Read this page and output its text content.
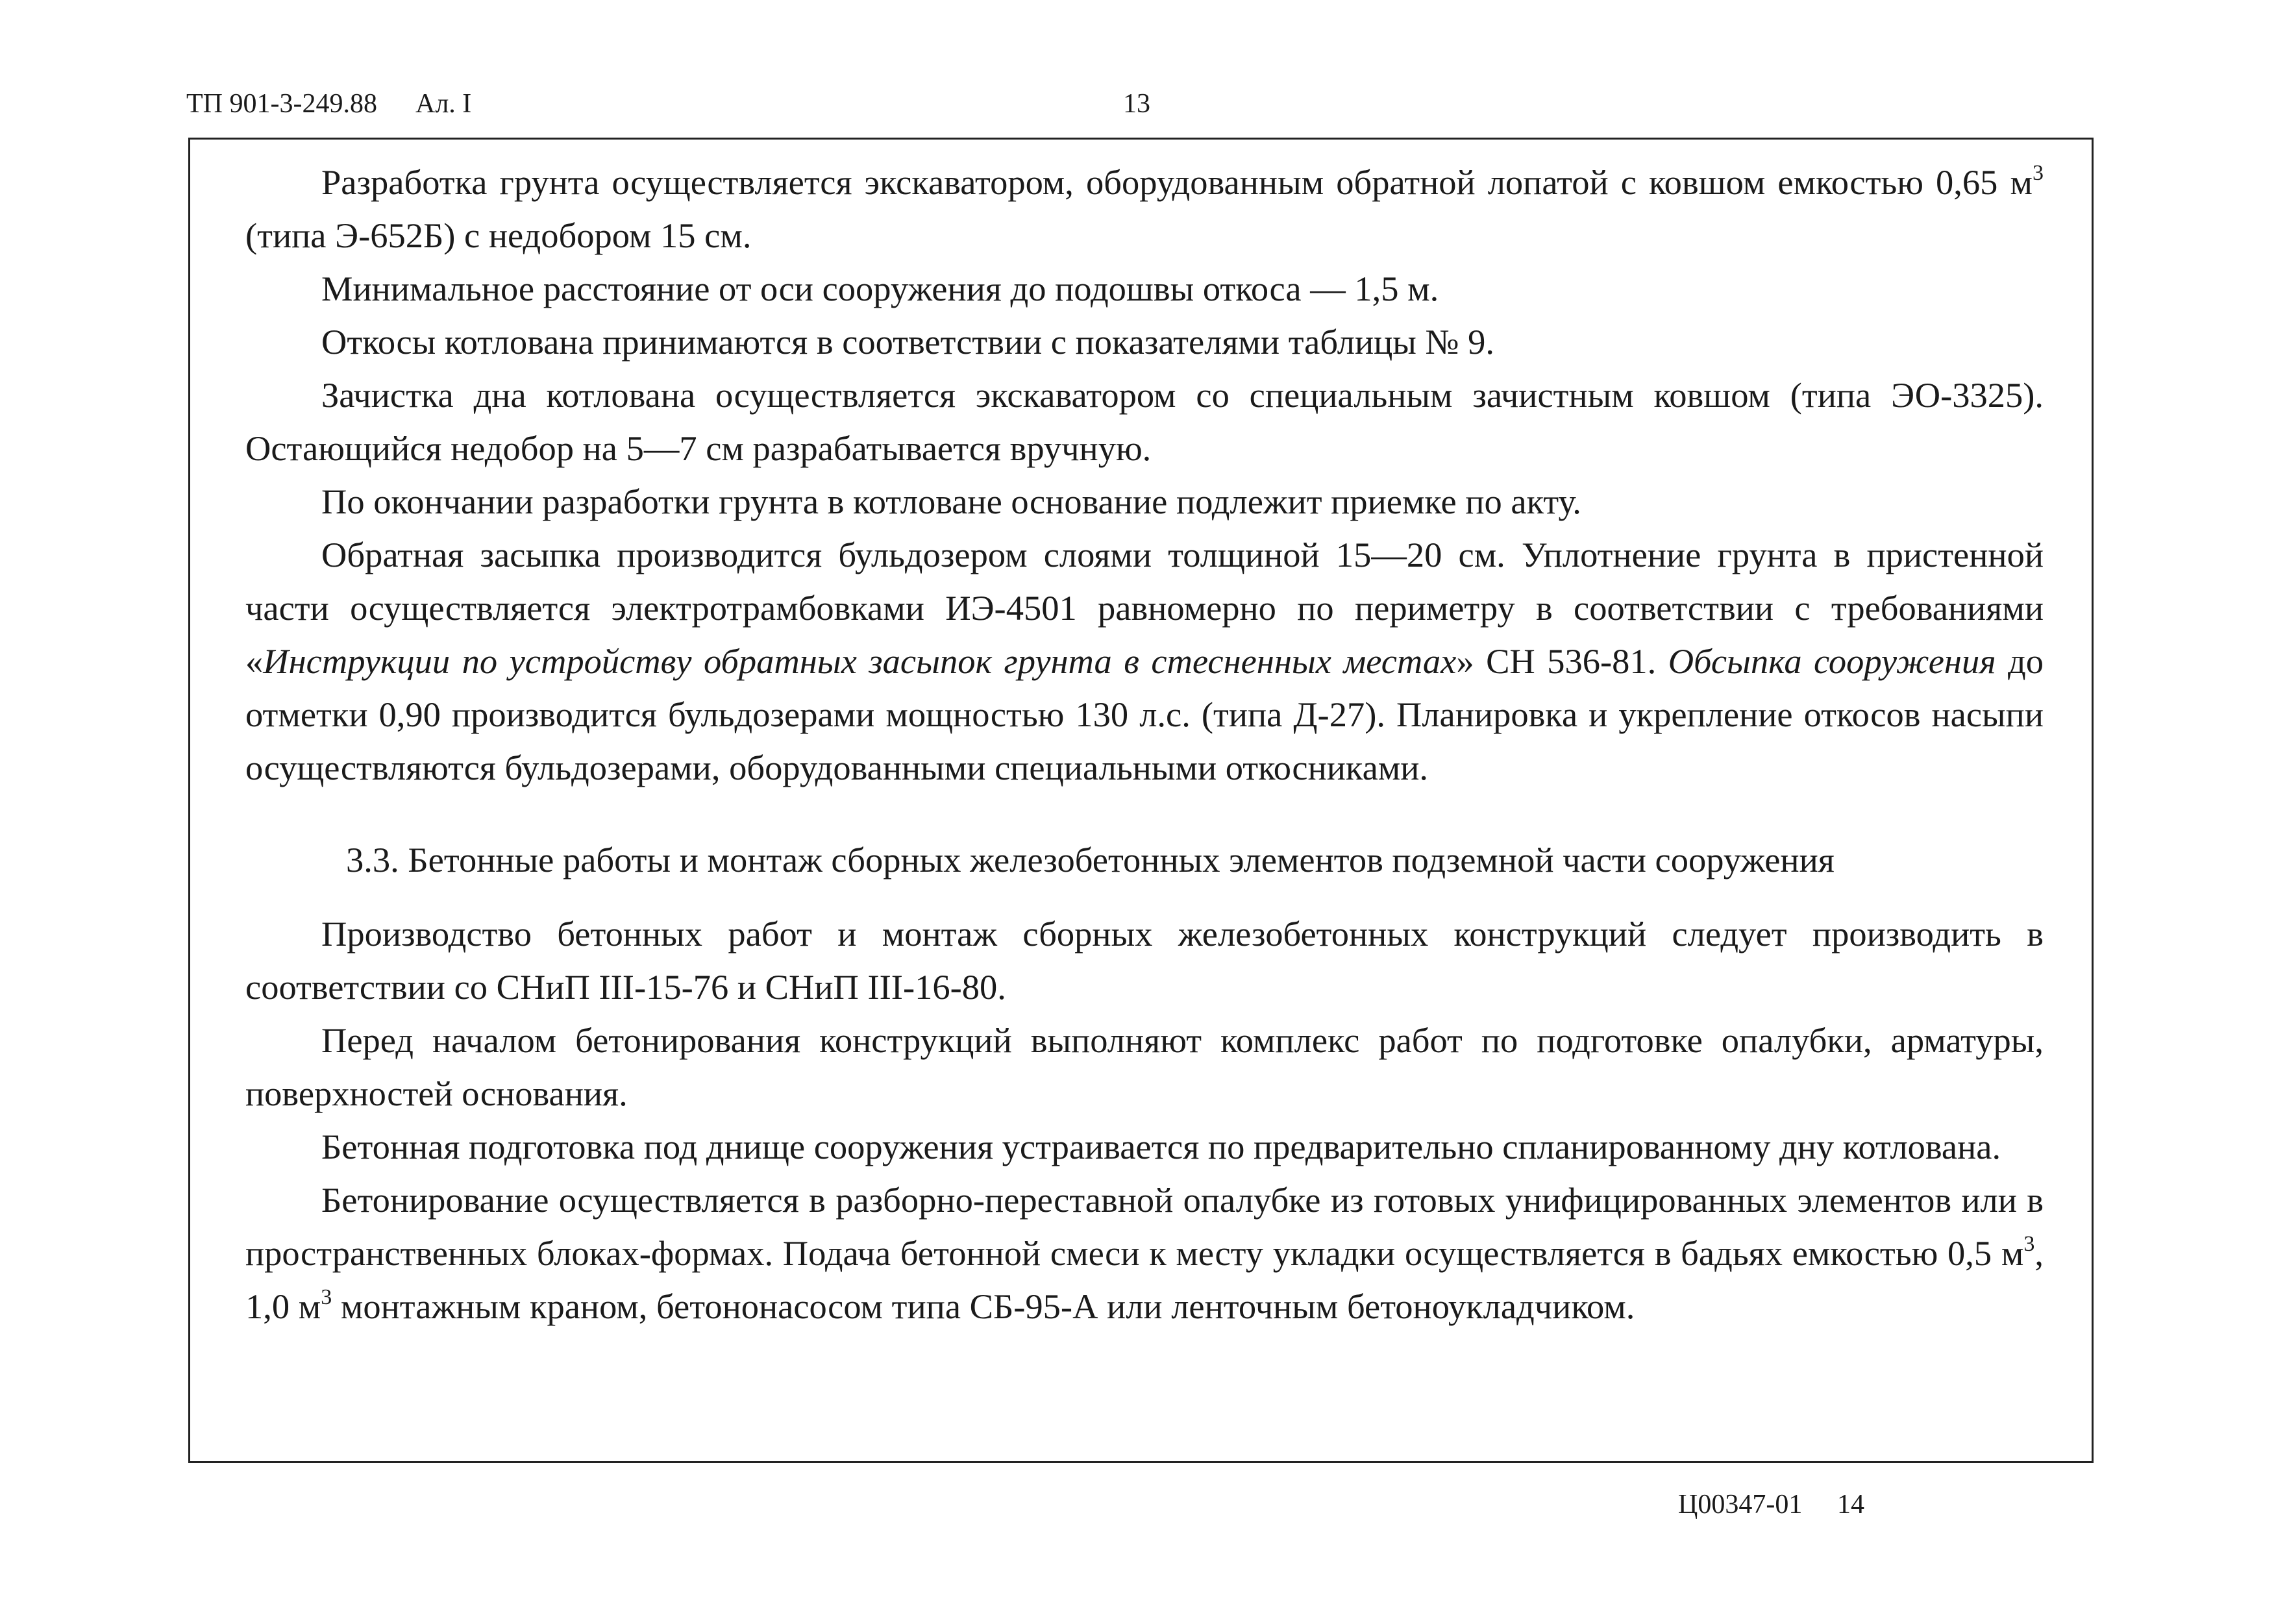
ТП 901-3-249.88 Ал. I	13

Разработка грунта осуществляется экскаватором, оборудованным обратной лопатой с ковшом емкостью 0,65 $м^3$ (типа Э-652Б) с недобором 15 см.

Минимальное расстояние от оси сооружения до подошвы откоса — 1,5 м.

Откосы котлована принимаются в соответствии с показателями таблицы № 9.

Зачистка дна котлована осуществляется экскаватором со специальным зачистным ковшом (типа ЭО-3325). Остающийся недобор на 5—7 см разрабатывается вручную.

По окончании разработки грунта в котловане основание подлежит приемке по акту.

Обратная засыпка производится бульдозером слоями толщиной 15—20 см. Уплотнение грунта в пристенной части осуществляется электротрамбовками ИЭ-4501 равномерно по периметру в соответствии с требованиями «Инструкции по устройству обратных засыпок грунта в стесненных местах» СН 536-81. Обсыпка сооружения до отметки 0,90 производится бульдозерами мощностью 130 л.с. (типа Д-27). Планировка и укрепление откосов насыпи осуществляются бульдозерами, оборудованными специальными откосниками.

3.3. Бетонные работы и монтаж сборных железобетонных элементов подземной части сооружения

Производство бетонных работ и монтаж сборных железобетонных конструкций следует производить в соответствии со СНиП III-15-76 и СНиП III-16-80.

Перед началом бетонирования конструкций выполняют комплекс работ по подготовке опалубки, арматуры, поверхностей основания.

Бетонная подготовка под днище сооружения устраивается по предварительно спланированному дну котлована.

Бетонирование осуществляется в разборно-переставной опалубке из готовых унифицированных элементов или в пространственных блоках-формах. Подача бетонной смеси к месту укладки осуществляется в бадьях емкостью 0,5 $м^3$, 1,0 $м^3$ монтажным краном, бетононасосом типа СБ-95-А или ленточным бетоноукладчиком.

Ц00347-01 14
